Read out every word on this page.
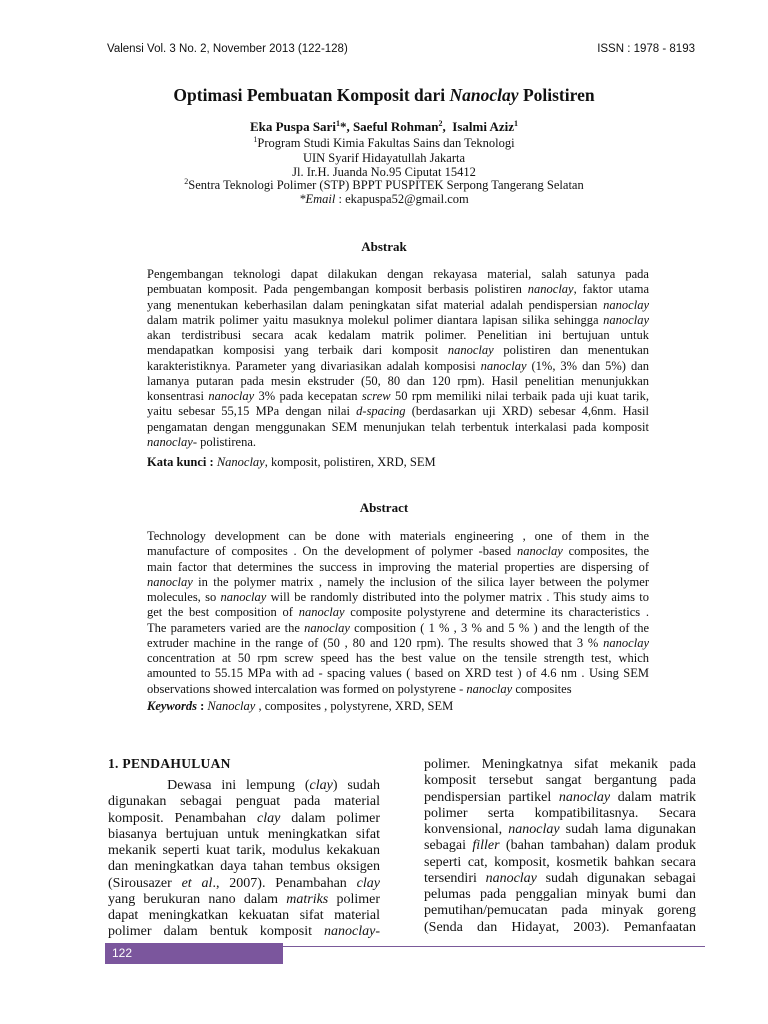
Valensi Vol. 3 No. 2, November 2013 (122-128)	ISSN : 1978 - 8193
Optimasi Pembuatan Komposit dari Nanoclay Polistiren
Eka Puspa Sari$^1$*, Saeful Rohman$^2$, Isalmi Aziz$^1$
$^1$Program Studi Kimia Fakultas Sains dan Teknologi
UIN Syarif Hidayatullah Jakarta
Jl. Ir.H. Juanda No.95 Ciputat 15412
$^2$Sentra Teknologi Polimer (STP) BPPT PUSPITEK Serpong Tangerang Selatan
*Email : ekapuspa52@gmail.com
Abstrak
Pengembangan teknologi dapat dilakukan dengan rekayasa material, salah satunya pada
pembuatan komposit. Pada pengembangan komposit berbasis polistiren nanoclay, faktor utama
yang menentukan keberhasilan dalam peningkatan sifat material adalah pendispersian nanoclay
dalam matrik polimer yaitu masuknya molekul polimer diantara lapisan silika sehingga nanoclay
akan terdistribusi secara acak kedalam matrik polimer. Penelitian ini bertujuan untuk
mendapatkan komposisi yang terbaik dari komposit nanoclay polistiren dan menentukan
karakteristiknya. Parameter yang divariasikan adalah komposisi nanoclay (1%, 3% dan 5%) dan
lamanya putaran pada mesin ekstruder (50, 80 dan 120 rpm). Hasil penelitian menunjukkan
konsentrasi nanoclay 3% pada kecepatan screw 50 rpm memiliki nilai terbaik pada uji kuat tarik,
yaitu sebesar 55,15 MPa dengan nilai d-spacing (berdasarkan uji XRD) sebesar 4,6nm. Hasil
pengamatan dengan menggunakan SEM menunjukan telah terbentuk interkalasi pada komposit
nanoclay- polistirena.
Kata kunci : Nanoclay, komposit, polistiren, XRD, SEM
Abstract
Technology development can be done with materials engineering , one of them in the
manufacture of composites . On the development of polymer -based nanoclay composites, the
main factor that determines the success in improving the material properties are dispersing of
nanoclay in the polymer matrix , namely the inclusion of the silica layer between the polymer
molecules, so nanoclay will be randomly distributed into the polymer matrix . This study aims to
get the best composition of nanoclay composite polystyrene and determine its characteristics .
The parameters varied are the nanoclay composition ( 1 % , 3 % and 5 % ) and the length of the
extruder machine in the range of (50 , 80 and 120 rpm). The results showed that 3 % nanoclay
concentration at 50 rpm screw speed has the best value on the tensile strength test, which
amounted to 55.15 MPa with ad - spacing values ( based on XRD test ) of 4.6 nm . Using SEM
observations showed intercalation was formed on polystyrene - nanoclay composites
Keywords : Nanoclay , composites , polystyrene, XRD, SEM
1. PENDAHULUAN
Dewasa ini lempung (clay) sudah
digunakan sebagai penguat pada material
komposit. Penambahan clay dalam polimer
biasanya bertujuan untuk meningkatkan sifat
mekanik seperti kuat tarik, modulus kekakuan
dan meningkatkan daya tahan tembus oksigen
(Sirousazer et al., 2007). Penambahan clay
yang berukuran nano dalam matriks polimer
dapat meningkatkan kekuatan sifat material
polimer dalam bentuk komposit nanoclay-
polimer. Meningkatnya sifat mekanik pada
komposit tersebut sangat bergantung pada
pendispersian partikel nanoclay dalam matrik
polimer serta kompatibilitasnya. Secara
konvensional, nanoclay sudah lama digunakan
sebagai filler (bahan tambahan) dalam produk
seperti cat, komposit, kosmetik bahkan secara
tersendiri nanoclay sudah digunakan sebagai
pelumas pada penggalian minyak bumi dan
pemutihan/pemucatan pada minyak goreng
(Senda dan Hidayat, 2003). Pemanfaatan
122
